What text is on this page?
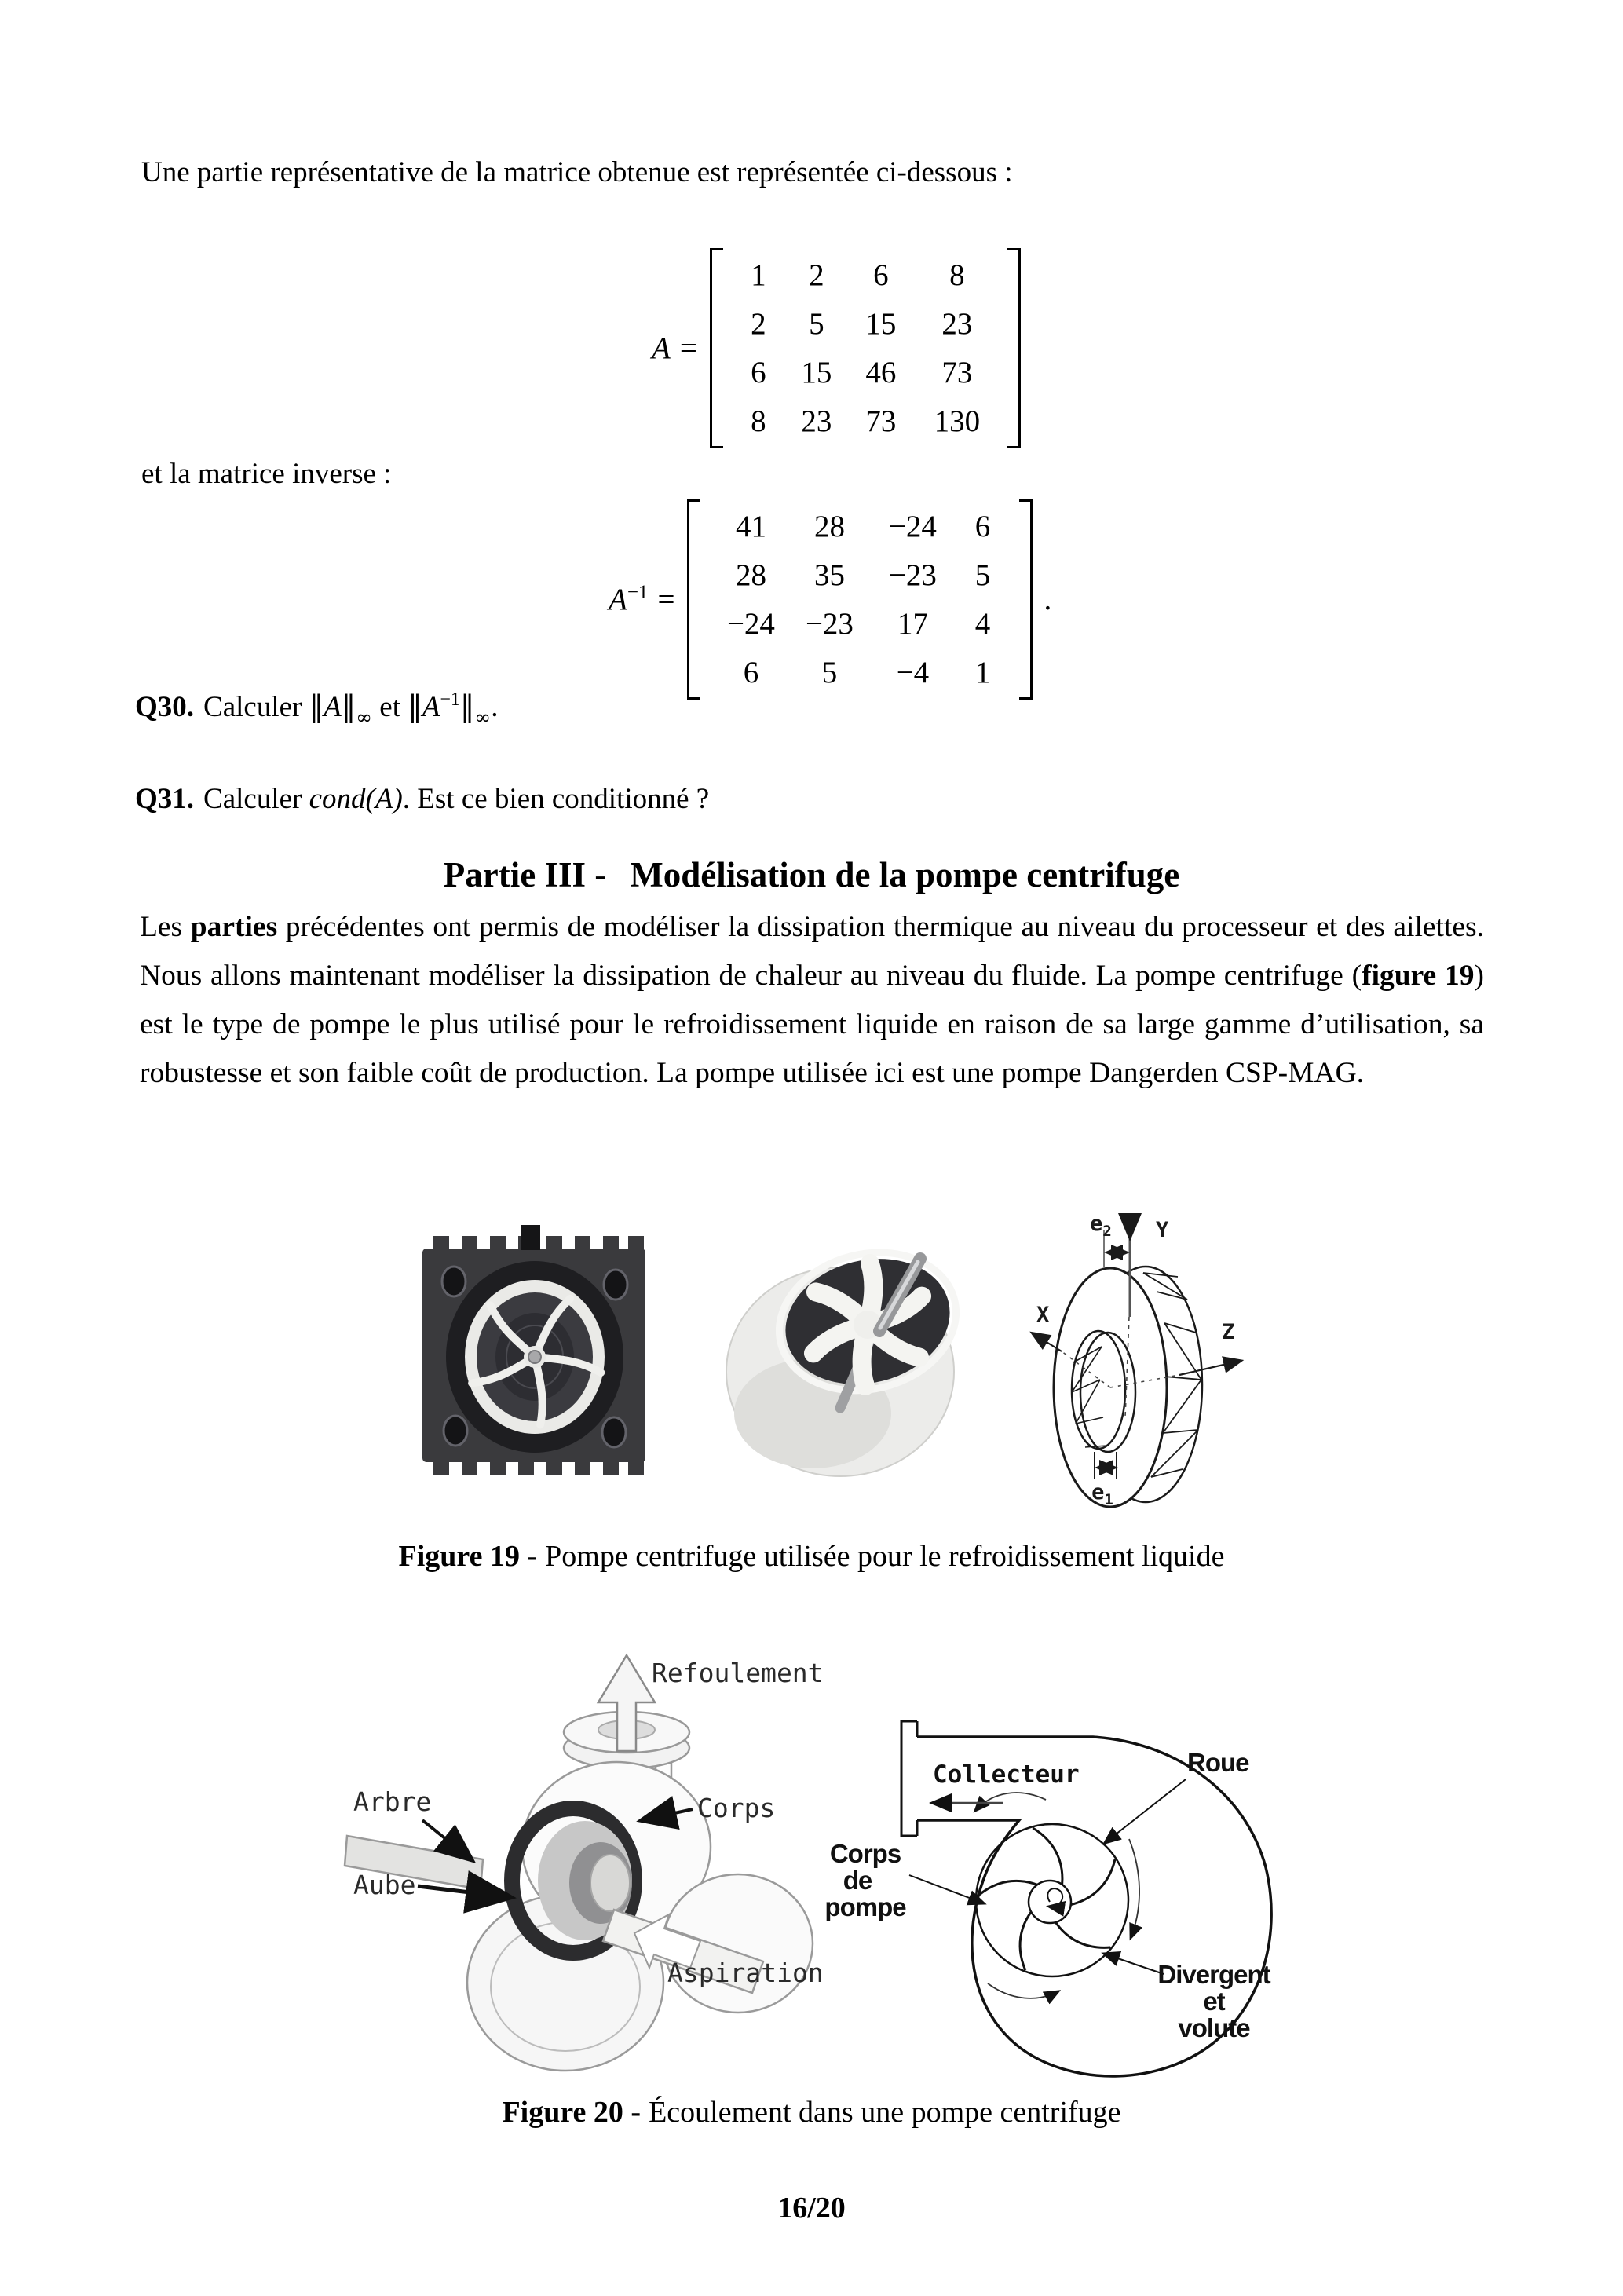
Une partie représentative de la matrice obtenue est représentée ci-dessous :

A =
1	2	6	8
2	5	15	23
6	15	46	73
8	23	73	130

et la matrice inverse :

$A^{-1}$ =
41	28	−24	6
28	35	−23	5
−24	−23	17	4
6	5	−4	1
.
Q30. Calculer $‖A‖_\infty$ et $‖A^{-1}‖_\infty$.
Q31. Calculer cond(A). Est ce bien conditionné ?
Partie III - Modélisation de la pompe centrifuge

Les parties précédentes ont permis de modéliser la dissipation thermique au niveau du processeur et des ailettes. Nous allons maintenant modéliser la dissipation de chaleur au niveau du fluide. La pompe centrifuge (figure 19) est le type de pompe le plus utilisé pour le refroidissement liquide en raison de sa large gamme d’utilisation, sa robustesse et son faible coût de production. La pompe utilisée ici est une pompe Dangerden CSP-MAG.

Y
X
Z
$e_2$
$e_1$
Figure 19 - Pompe centrifuge utilisée pour le refroidissement liquide
Refoulement
Arbre	Corps
Aube
Aspiration
Collecteur	Roue
Corps
de
pompe
Divergent
et
volute
Figure 20 - Écoulement dans une pompe centrifuge
16/20
